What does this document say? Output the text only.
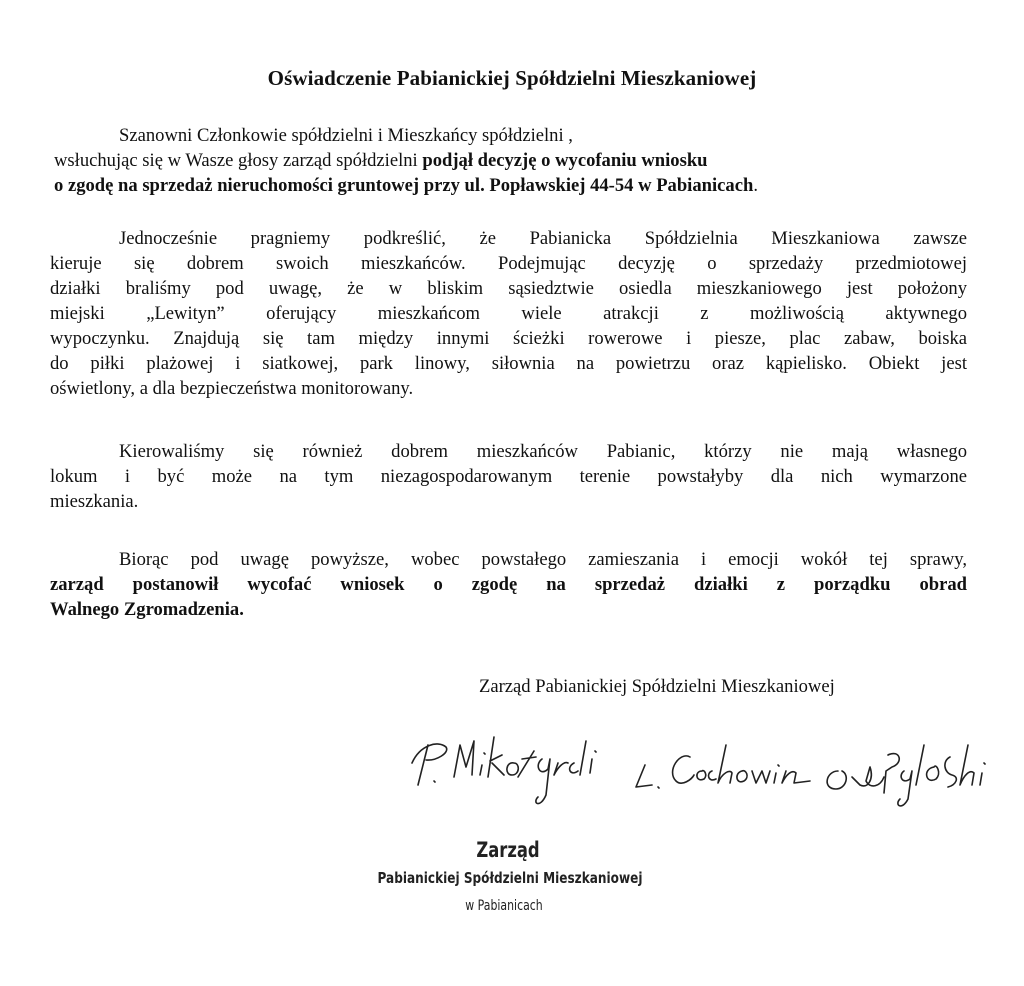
Oświadczenie Pabianickiej Spółdzielni Mieszkaniowej
Szanowni Członkowie spółdzielni i Mieszkańcy spółdzielni ,
wsłuchując się w Wasze głosy zarząd spółdzielni podjął decyzję o wycofaniu wniosku
o zgodę na sprzedaż nieruchomości gruntowej przy ul. Popławskiej 44-54 w Pabianicach.
Jednocześnie pragniemy podkreślić, że Pabianicka Spółdzielnia Mieszkaniowa zawsze
kieruje się dobrem swoich mieszkańców. Podejmując decyzję o sprzedaży przedmiotowej
działki braliśmy pod uwagę, że w bliskim sąsiedztwie osiedla mieszkaniowego jest położony
miejski „Lewityn” oferujący mieszkańcom wiele atrakcji z możliwością aktywnego
wypoczynku. Znajdują się tam między innymi ścieżki rowerowe i piesze, plac zabaw, boiska
do piłki plażowej i siatkowej, park linowy, siłownia na powietrzu oraz kąpielisko. Obiekt jest
oświetlony, a dla bezpieczeństwa monitorowany.
Kierowaliśmy się również dobrem mieszkańców Pabianic, którzy nie mają własnego
lokum i być może na tym niezagospodarowanym terenie powstałyby dla nich wymarzone
mieszkania.
Biorąc pod uwagę powyższe, wobec powstałego zamieszania i emocji wokół tej sprawy,
zarząd postanowił wycofać wniosek o zgodę na sprzedaż działki z porządku obrad
Walnego Zgromadzenia.
Zarząd Pabianickiej Spółdzielni Mieszkaniowej
Zarząd
Pabianickiej Spółdzielni Mieszkaniowej
w Pabianicach
